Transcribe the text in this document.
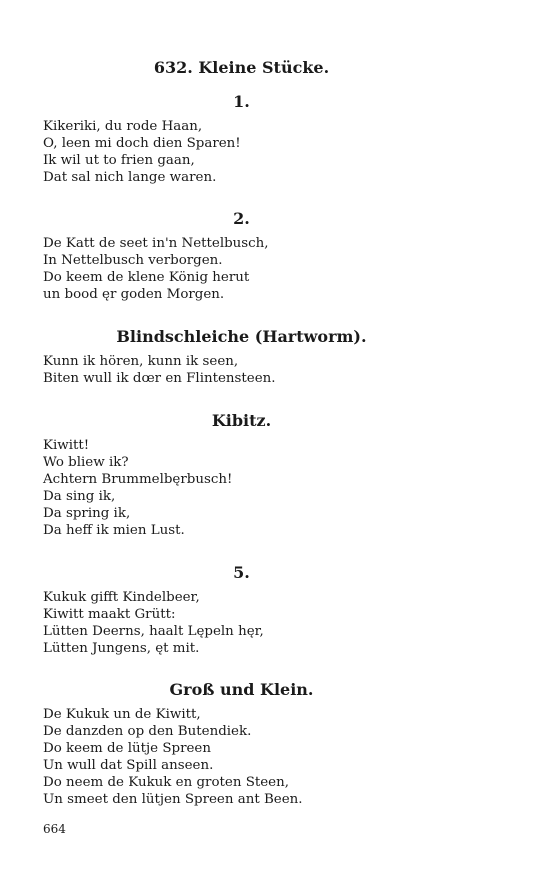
632. Kleine Stücke.
1.

Kikeriki, du rode Haan,
O, leen mi doch dien Sparen!
Ik wil ut to frien gaan,
Dat sal nich lange waren.

2.

De Katt de seet in'n Nettelbusch,
In Nettelbusch verborgen.
Do keem de klene König herut
un bood ęr goden Morgen.

Blindschleiche (Hartworm).

Kunn ik hören, kunn ik seen,
Biten wull ik dœr en Flintensteen.

Kibitz.

Kiwitt!
Wo bliew ik?
Achtern Brummelbęrbusch!
Da sing ik,
Da spring ik,
Da heff ik mien Lust.

5.

Kukuk gifft Kindelbeer,
Kiwitt maakt Grütt:
Lütten Deerns, haalt Lępeln hęr,
Lütten Jungens, ęt mit.

Groß und Klein.

De Kukuk un de Kiwitt,
De danzden op den Butendiek.
Do keem de lütje Spreen
Un wull dat Spill anseen.
Do neem de Kukuk en groten Steen,
Un smeet den lütjen Spreen ant Been.

664
